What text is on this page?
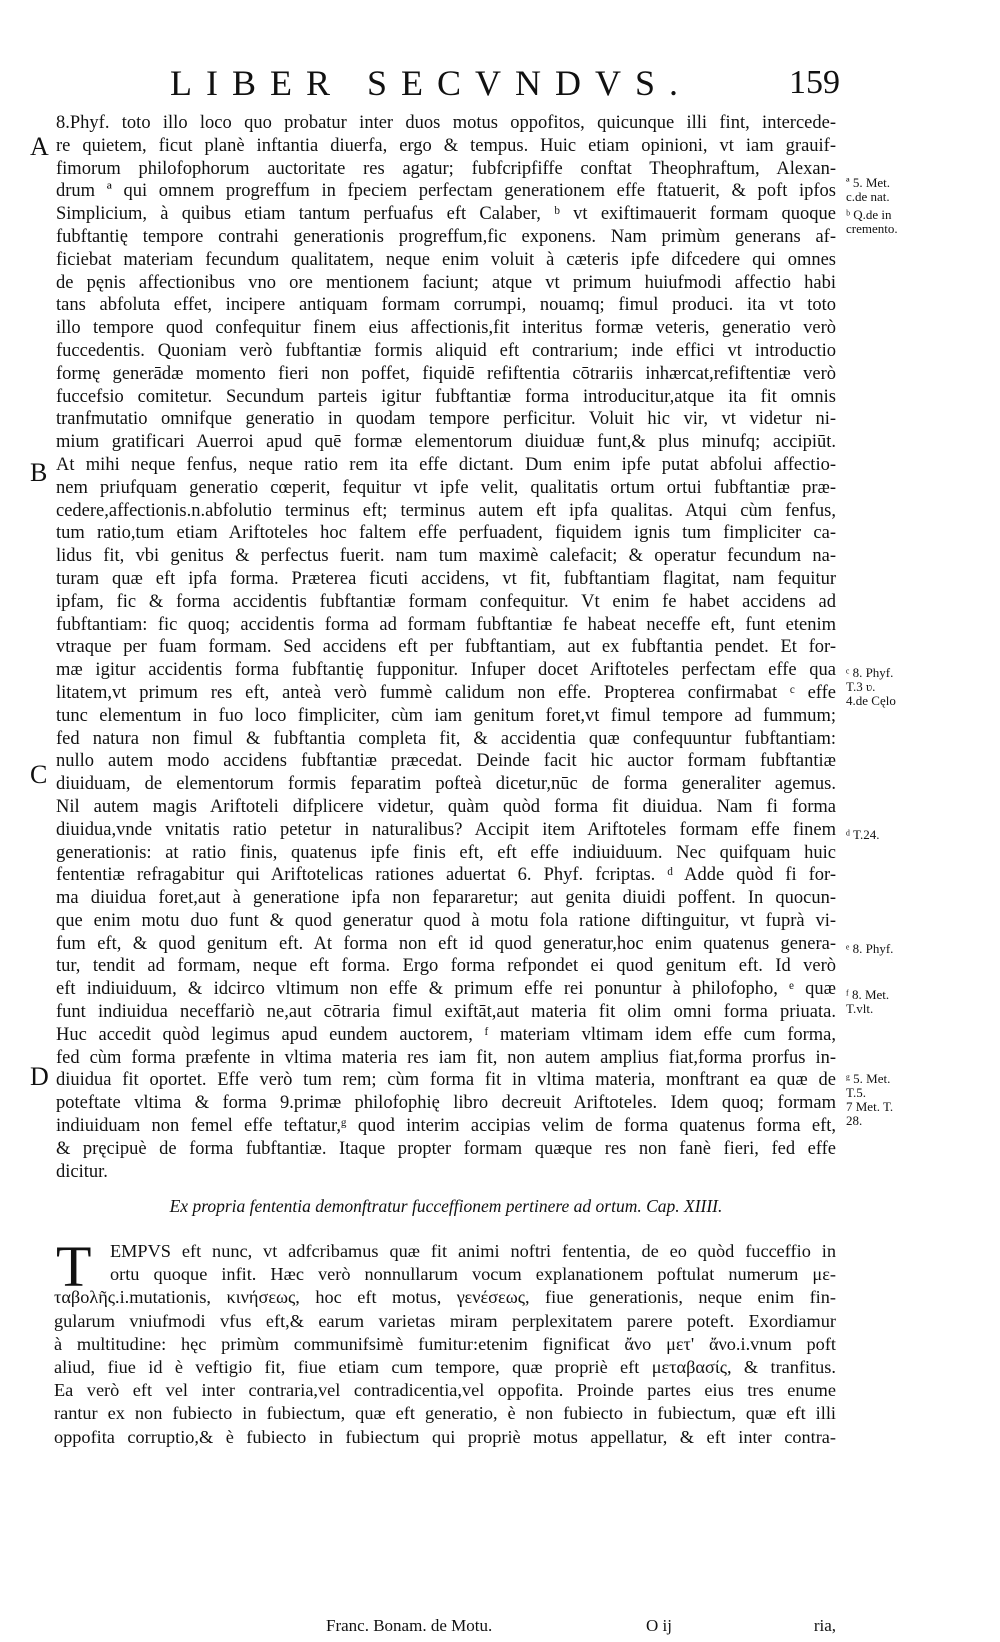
LIBER SECVNDVS.	159
A
B
C
D
8.Phyf. toto illo loco quo probatur inter duos motus oppofitos, quicunque illi fint, intercede-
re quietem, ficut planè inftantia diuerfa, ergo & tempus. Huic etiam opinioni, vt iam grauif-
fimorum philofophorum auctoritate res agatur; fubfcripfiffe conftat Theophraftum, Alexan-
drum ª qui omnem progreffum in fpeciem perfectam generationem effe ftatuerit, & poft ipfos
Simplicium, à quibus etiam tantum perfuafus eft Calaber, ᵇ vt exiftimauerit formam quoque
fubftantię tempore contrahi generationis progreffum,fic exponens. Nam primùm generans af-
ficiebat materiam fecundum qualitatem, neque enim voluit à cæteris ipfe difcedere qui omnes
de pęnis affectionibus vno ore mentionem faciunt; atque vt primum huiufmodi affectio habi
tans abfoluta effet, incipere antiquam formam corrumpi, nouamq; fimul produci. ita vt toto
illo tempore quod confequitur finem eius affectionis,fit interitus formæ veteris, generatio verò
fuccedentis. Quoniam verò fubftantiæ formis aliquid eft contrarium; inde effici vt introductio
formę generādæ momento fieri non poffet, fiquidē refiftentia cōtrariis inhærcat,refiftentiæ verò
fuccefsio comitetur. Secundum parteis igitur fubftantiæ forma introducitur,atque ita fit omnis
tranfmutatio omnifque generatio in quodam tempore perficitur. Voluit hic vir, vt videtur ni-
mium gratificari Auerroi apud quē formæ elementorum diuiduæ funt,& plus minufq; accipiūt.
At mihi neque fenfus, neque ratio rem ita effe dictant. Dum enim ipfe putat abfolui affectio-
nem priufquam generatio cœperit, fequitur vt ipfe velit, qualitatis ortum ortui fubftantiæ præ-
cedere,affectionis.n.abfolutio terminus eft; terminus autem eft ipfa qualitas. Atqui cùm fenfus,
tum ratio,tum etiam Ariftoteles hoc faltem effe perfuadent, fiquidem ignis tum fimpliciter ca-
lidus fit, vbi genitus & perfectus fuerit. nam tum maximè calefacit; & operatur fecundum na-
turam quæ eft ipfa forma. Præterea ficuti accidens, vt fit, fubftantiam flagitat, nam fequitur
ipfam, fic & forma accidentis fubftantiæ formam confequitur. Vt enim fe habet accidens ad
fubftantiam: fic quoq; accidentis forma ad formam fubftantiæ fe habeat neceffe eft, funt etenim
vtraque per fuam formam. Sed accidens eft per fubftantiam, aut ex fubftantia pendet. Et for-
mæ igitur accidentis forma fubftantię fupponitur. Infuper docet Ariftoteles perfectam effe qua
litatem,vt primum res eft, anteà verò fummè calidum non effe. Propterea confirmabat ᶜ effe
tunc elementum in fuo loco fimpliciter, cùm iam genitum foret,vt fimul tempore ad fummum;
fed natura non fimul & fubftantia completa fit, & accidentia quæ confequuntur fubftantiam:
nullo autem modo accidens fubftantiæ præcedat. Deinde facit hic auctor formam fubftantiæ
diuiduam, de elementorum formis feparatim pofteà dicetur,nūc de forma generaliter agemus.
Nil autem magis Ariftoteli difplicere videtur, quàm quòd forma fit diuidua. Nam fi forma
diuidua,vnde vnitatis ratio petetur in naturalibus? Accipit item Ariftoteles formam effe finem
generationis: at ratio finis, quatenus ipfe finis eft, eft effe indiuiduum. Nec quifquam huic
fententiæ refragabitur qui Ariftotelicas rationes aduertat 6. Phyf. fcriptas. ᵈ Adde quòd fi for-
ma diuidua foret,aut à generatione ipfa non fepararetur; aut genita diuidi poffent. In quocun-
que enim motu duo funt & quod generatur quod à motu fola ratione diftinguitur, vt fuprà vi-
fum eft, & quod genitum eft. At forma non eft id quod generatur,hoc enim quatenus genera-
tur, tendit ad formam, neque eft forma. Ergo forma refpondet ei quod genitum eft. Id verò
eft indiuiduum, & idcirco vltimum non effe & primum effe rei ponuntur à philofopho, ᵉ quæ
funt indiuidua neceffariò ne,aut cōtraria fimul exiftāt,aut materia fit olim omni forma priuata.
Huc accedit quòd legimus apud eundem auctorem, ᶠ materiam vltimam idem effe cum forma,
fed cùm forma præfente in vltima materia res iam fit, non autem amplius fiat,forma prorfus in-
diuidua fit oportet. Effe verò tum rem; cùm forma fit in vltima materia, monftrant ea quæ de
poteftate vltima & forma 9.primæ philofophię libro decreuit Ariftoteles. Idem quoq; formam
indiuiduam non femel effe teftatur,ᵍ quod interim accipias velim de forma quatenus forma eft,
& pręcipuè de forma fubftantiæ. Itaque propter formam quæque res non fanè fieri, fed effe
dicitur.
ª 5. Met.
c.de nat.
ᵇ Q.de in
cremento.
ᶜ 8. Phyf.
T.3 ʋ.
4.de Cęlo
ᵈ T.24.
ᵉ 8. Phyf.
ᶠ 8. Met.
T.vlt.
ᵍ 5. Met.
T.5.
7 Met. T.
28.
Ex propria fententia demonftratur fucceffionem pertinere ad ortum. Cap. XIIII.
T EMPVS eft nunc, vt adfcribamus quæ fit animi noftri fententia, de eo quòd fucceffio in
ortu quoque infit. Hæc verò nonnullarum vocum explanationem poftulat numerum με-
ταβολῆς.i.mutationis, κινήσεως, hoc eft motus, γενέσεως, fiue generationis, neque enim fin-
gularum vniufmodi vfus eft,& earum varietas miram perplexitatem parere poteft. Exordiamur
à multitudine: hęc primùm communifsimè fumitur:etenim fignificat ἄνο μετ' ἄνο.i.vnum poft
aliud, fiue id è veftigio fit, fiue etiam cum tempore, quæ propriè eft μεταβασίς, & tranfitus.
Ea verò eft vel inter contraria,vel contradicentia,vel oppofita. Proinde partes eius tres enume
rantur ex non fubiecto in fubiectum, quæ eft generatio, è non fubiecto in fubiectum, quæ eft illi
oppofita corruptio,& è fubiecto in fubiectum qui propriè motus appellatur, & eft inter contra-
Franc. Bonam. de Motu.	O ij	ria,
